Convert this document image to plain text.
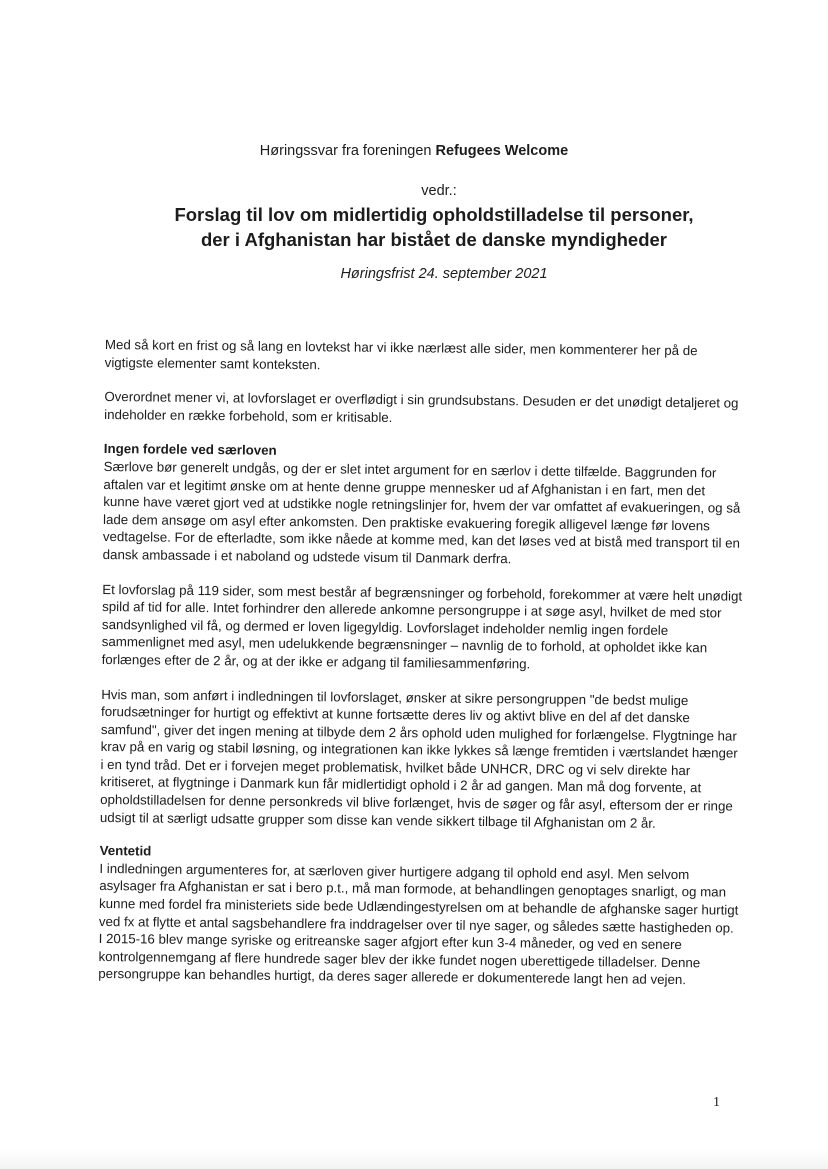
Høringssvar fra foreningen Refugees Welcome
vedr.:
Forslag til lov om midlertidig opholdstilladelse til personer,
der i Afghanistan har bistået de danske myndigheder
Høringsfrist 24. september 2021

Med så kort en frist og så lang en lovtekst har vi ikke nærlæst alle sider, men kommenterer her på de vigtigste elementer samt konteksten.

Overordnet mener vi, at lovforslaget er overflødigt i sin grundsubstans. Desuden er det unødigt detaljeret og indeholder en række forbehold, som er kritisable.

Ingen fordele ved særloven

Særlove bør generelt undgås, og der er slet intet argument for en særlov i dette tilfælde. Baggrunden for aftalen var et legitimt ønske om at hente denne gruppe mennesker ud af Afghanistan i en fart, men det kunne have været gjort ved at udstikke nogle retningslinjer for, hvem der var omfattet af evakueringen, og så lade dem ansøge om asyl efter ankomsten. Den praktiske evakuering foregik alligevel længe før lovens vedtagelse. For de efterladte, som ikke nåede at komme med, kan det løses ved at bistå med transport til en dansk ambassade i et naboland og udstede visum til Danmark derfra.

Et lovforslag på 119 sider, som mest består af begrænsninger og forbehold, forekommer at være helt unødigt spild af tid for alle. Intet forhindrer den allerede ankomne persongruppe i at søge asyl, hvilket de med stor sandsynlighed vil få, og dermed er loven ligegyldig. Lovforslaget indeholder nemlig ingen fordele sammenlignet med asyl, men udelukkende begrænsninger – navnlig de to forhold, at opholdet ikke kan forlænges efter de 2 år, og at der ikke er adgang til familiesammenføring.

Hvis man, som anført i indledningen til lovforslaget, ønsker at sikre persongruppen "de bedst mulige forudsætninger for hurtigt og effektivt at kunne fortsætte deres liv og aktivt blive en del af det danske samfund", giver det ingen mening at tilbyde dem 2 års ophold uden mulighed for forlængelse. Flygtninge har krav på en varig og stabil løsning, og integrationen kan ikke lykkes så længe fremtiden i værtslandet hænger i en tynd tråd. Det er i forvejen meget problematisk, hvilket både UNHCR, DRC og vi selv direkte har kritiseret, at flygtninge i Danmark kun får midlertidigt ophold i 2 år ad gangen. Man må dog forvente, at opholdstilladelsen for denne personkreds vil blive forlænget, hvis de søger og får asyl, eftersom der er ringe udsigt til at særligt udsatte grupper som disse kan vende sikkert tilbage til Afghanistan om 2 år.

Ventetid

I indledningen argumenteres for, at særloven giver hurtigere adgang til ophold end asyl. Men selvom asylsager fra Afghanistan er sat i bero p.t., må man formode, at behandlingen genoptages snarligt, og man kunne med fordel fra ministeriets side bede Udlændingestyrelsen om at behandle de afghanske sager hurtigt ved fx at flytte et antal sagsbehandlere fra inddragelser over til nye sager, og således sætte hastigheden op. I 2015-16 blev mange syriske og eritreanske sager afgjort efter kun 3-4 måneder, og ved en senere kontrolgennemgang af flere hundrede sager blev der ikke fundet nogen uberettigede tilladelser. Denne persongruppe kan behandles hurtigt, da deres sager allerede er dokumenterede langt hen ad vejen.

1
